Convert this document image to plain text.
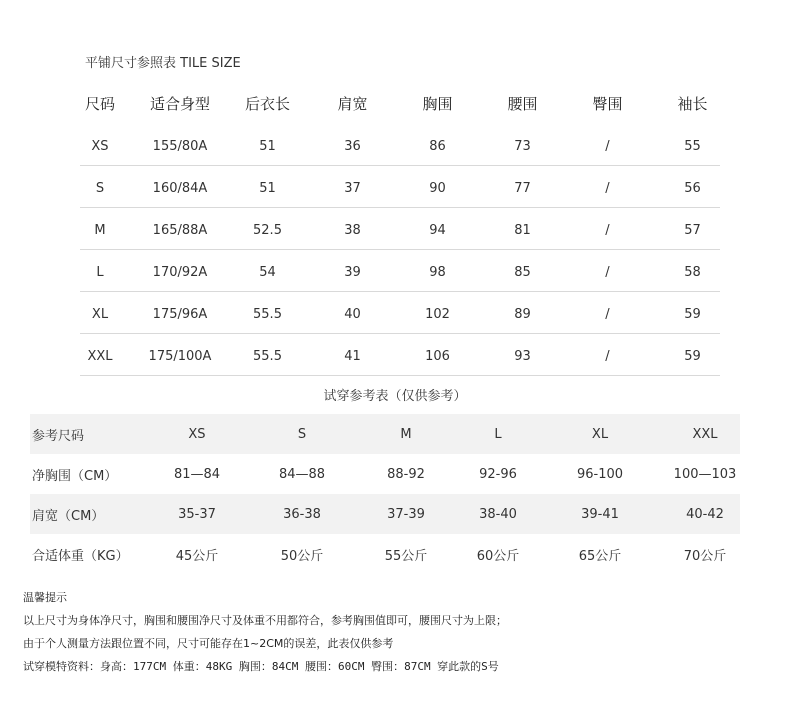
平铺尺寸参照表 TILE SIZE
尺码	适合身型	后衣长	肩宽	胸围	腰围	臀围	袖长
XS	155/80A	51	36	86	73	/	55
S	160/84A	51	37	90	77	/	56
M	165/88A	52.5	38	94	81	/	57
L	170/92A	54	39	98	85	/	58
XL	175/96A	55.5	40	102	89	/	59
XXL	175/100A	55.5	41	106	93	/	59
试穿参考表（仅供参考）
参考尺码	XS	S	M	L	XL	XXL
净胸围（CM）	81—84	84—88	88-92	92-96	96-100	100—103
肩宽（CM）	35-37	36-38	37-39	38-40	39-41	40-42
合适体重（KG）	45公斤	50公斤	55公斤	60公斤	65公斤	70公斤
温馨提示
以上尺寸为身体净尺寸，胸围和腰围净尺寸及体重不用都符合，参考胸围值即可，腰围尺寸为上限；
由于个人测量方法跟位置不同，尺寸可能存在1~2CM的误差，此表仅供参考
试穿模特资料：身高：177CM 体重：48KG 胸围：84CM 腰围：60CM 臀围：87CM 穿此款的S号
